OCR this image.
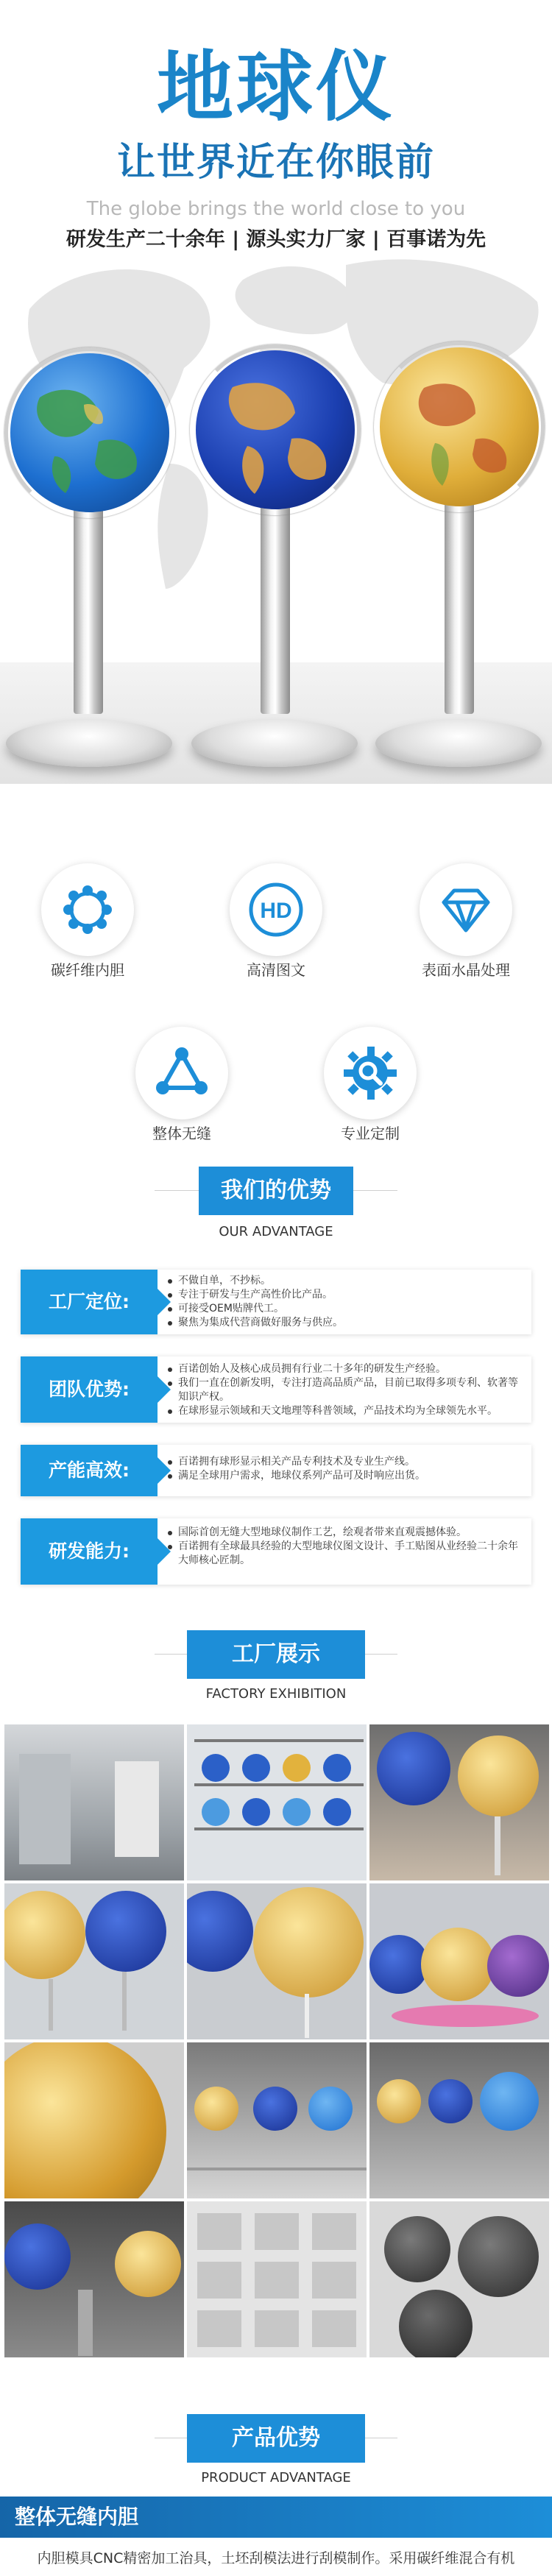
地球仪
让世界近在你眼前
The globe brings the world close to you
研发生产二十余年 | 源头实力厂家 | 百事诺为先
碳纤维内胆
HD
高清图文	表面水晶处理
整体无缝	专业定制
我们的优势
OUR ADVANTAGE
工厂定位:
不做自单，不抄标。
专注于研发与生产高性价比产品。
可接受OEM贴牌代工。
聚焦为集成代营商做好服务与供应。
团队优势:
百诺创始人及核心成员拥有行业二十多年的研发生产经验。
我们一直在创新发明，专注打造高品质产品，目前已取得多项专利、软著等知识产权。
在球形显示领域和天文地理等科普领域，产品技术均为全球领先水平。
产能高效:	百诺拥有球形显示相关产品专利技术及专业生产线。
满足全球用户需求，地球仪系列产品可及时响应出货。
研发能力:
国际首创无缝大型地球仪制作工艺，绘观者带来直观震撼体验。
百诺拥有全球最具经验的大型地球仪图文设计、手工贴图从业经验二十余年大师核心匠制。
工厂展示
FACTORY EXHIBITION
产品优势
PRODUCT ADVANTAGE
整体无缝内胆
内胆模具CNC精密加工治具，土坯刮模法进行刮模制作。采用碳纤维混合有机
